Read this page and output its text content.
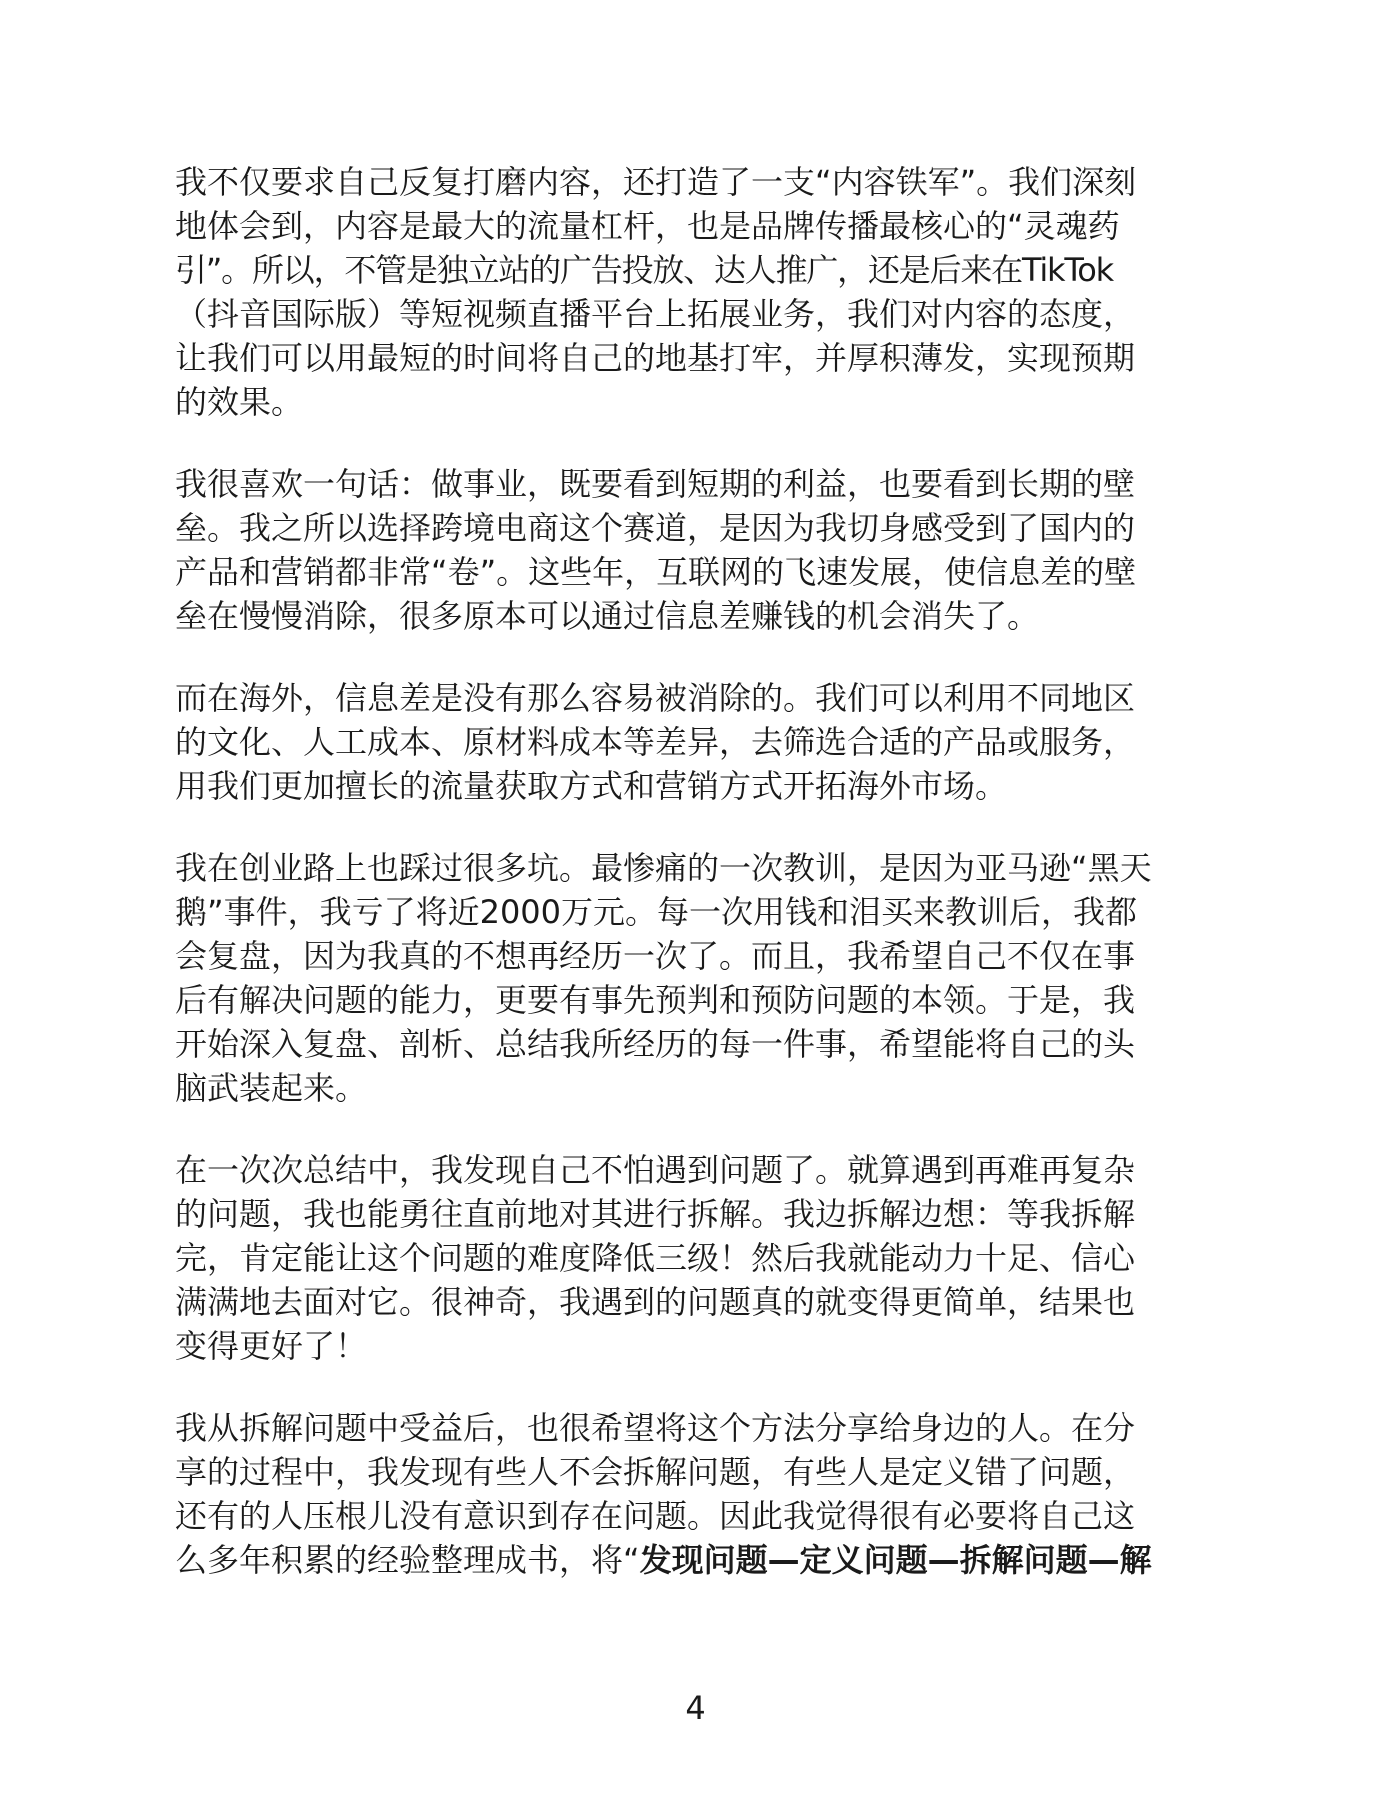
我不仅要求自己反复打磨内容，还打造了一支“内容铁军”。我们深刻
地体会到，内容是最大的流量杠杆，也是品牌传播最核心的“灵魂药
引”。所以，不管是独立站的广告投放、达人推广，还是后来在TikTok
（抖音国际版）等短视频直播平台上拓展业务，我们对内容的态度，
让我们可以用最短的时间将自己的地基打牢，并厚积薄发，实现预期
的效果。
我很喜欢一句话：做事业，既要看到短期的利益，也要看到长期的壁
垒。我之所以选择跨境电商这个赛道，是因为我切身感受到了国内的
产品和营销都非常“卷”。这些年，互联网的飞速发展，使信息差的壁
垒在慢慢消除，很多原本可以通过信息差赚钱的机会消失了。
而在海外，信息差是没有那么容易被消除的。我们可以利用不同地区
的文化、人工成本、原材料成本等差异，去筛选合适的产品或服务，
用我们更加擅长的流量获取方式和营销方式开拓海外市场。
我在创业路上也踩过很多坑。最惨痛的一次教训，是因为亚马逊“黑天
鹅”事件，我亏了将近2000万元。每一次用钱和泪买来教训后，我都
会复盘，因为我真的不想再经历一次了。而且，我希望自己不仅在事
后有解决问题的能力，更要有事先预判和预防问题的本领。于是，我
开始深入复盘、剖析、总结我所经历的每一件事，希望能将自己的头
脑武装起来。
在一次次总结中，我发现自己不怕遇到问题了。就算遇到再难再复杂
的问题，我也能勇往直前地对其进行拆解。我边拆解边想：等我拆解
完，肯定能让这个问题的难度降低三级！然后我就能动力十足、信心
满满地去面对它。很神奇，我遇到的问题真的就变得更简单，结果也
变得更好了！
我从拆解问题中受益后，也很希望将这个方法分享给身边的人。在分
享的过程中，我发现有些人不会拆解问题，有些人是定义错了问题，
还有的人压根儿没有意识到存在问题。因此我觉得很有必要将自己这
么多年积累的经验整理成书，将“发现问题—定义问题—拆解问题—解
4
